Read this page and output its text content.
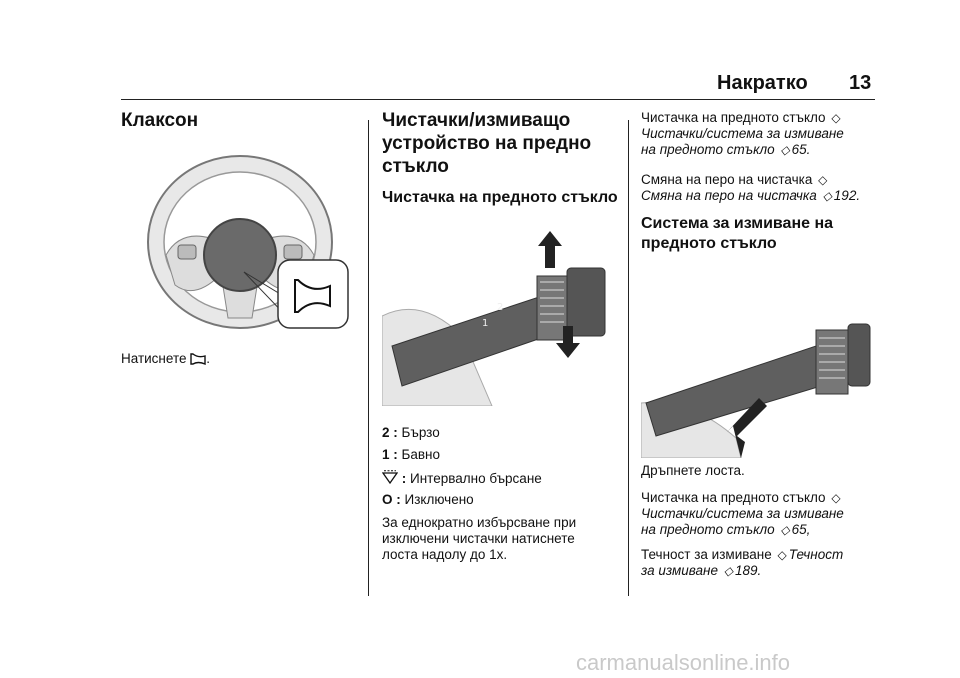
Накратко 13
Клаксон
Натиснете .
Чистачки/измиващо
устройство на предно
стъкло
Чистачка на предното стъкло
2
1
2 : Бързо
1 : Бавно
: Интервално бърсане
O : Изключено
За еднократно избърсване при
изключени чистачки натиснете
лоста надолу до 1x.
Чистачка на предното стъкло ◇
Чистачки/система за измиване
на предното стъкло ◇ 65.
Смяна на перо на чистачка ◇
Смяна на перо на чистачка ◇ 192.
Система за измиване на
предното стъкло
Дръпнете лоста.
Чистачка на предното стъкло ◇
Чистачки/система за измиване
на предното стъкло ◇ 65,
Течност за измиване ◇ Течност
за измиване ◇ 189.
carmanualsonline.info
